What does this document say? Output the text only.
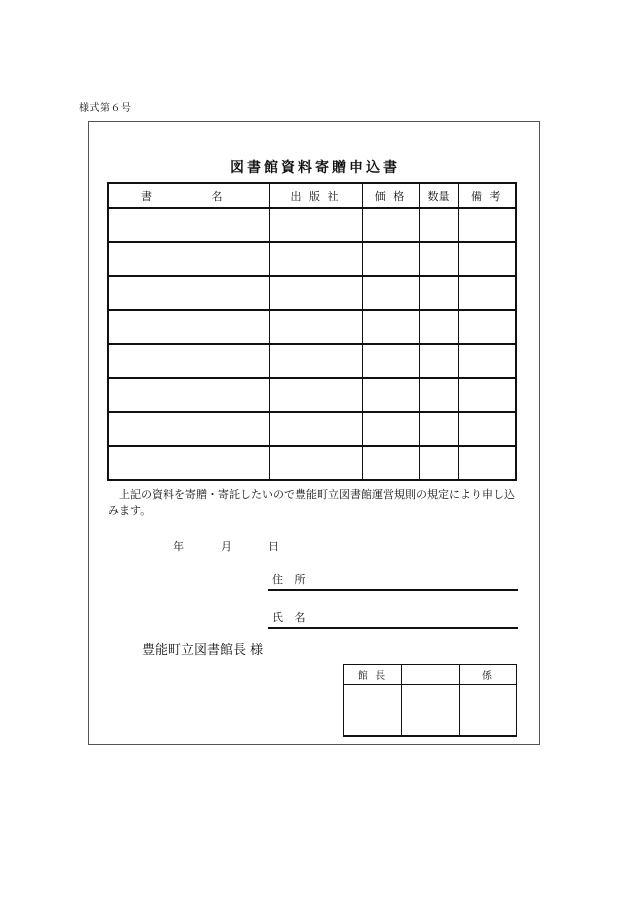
様式第６号
図書館資料寄贈申込書
書 名	出 版 社	価 格	数量	備 考

上記の資料を寄贈・寄託したいので豊能町立図書館運営規則の規定により申し込みます。
年	月	日
住 所
氏 名
豊能町立図書館長 様
館 長		係
